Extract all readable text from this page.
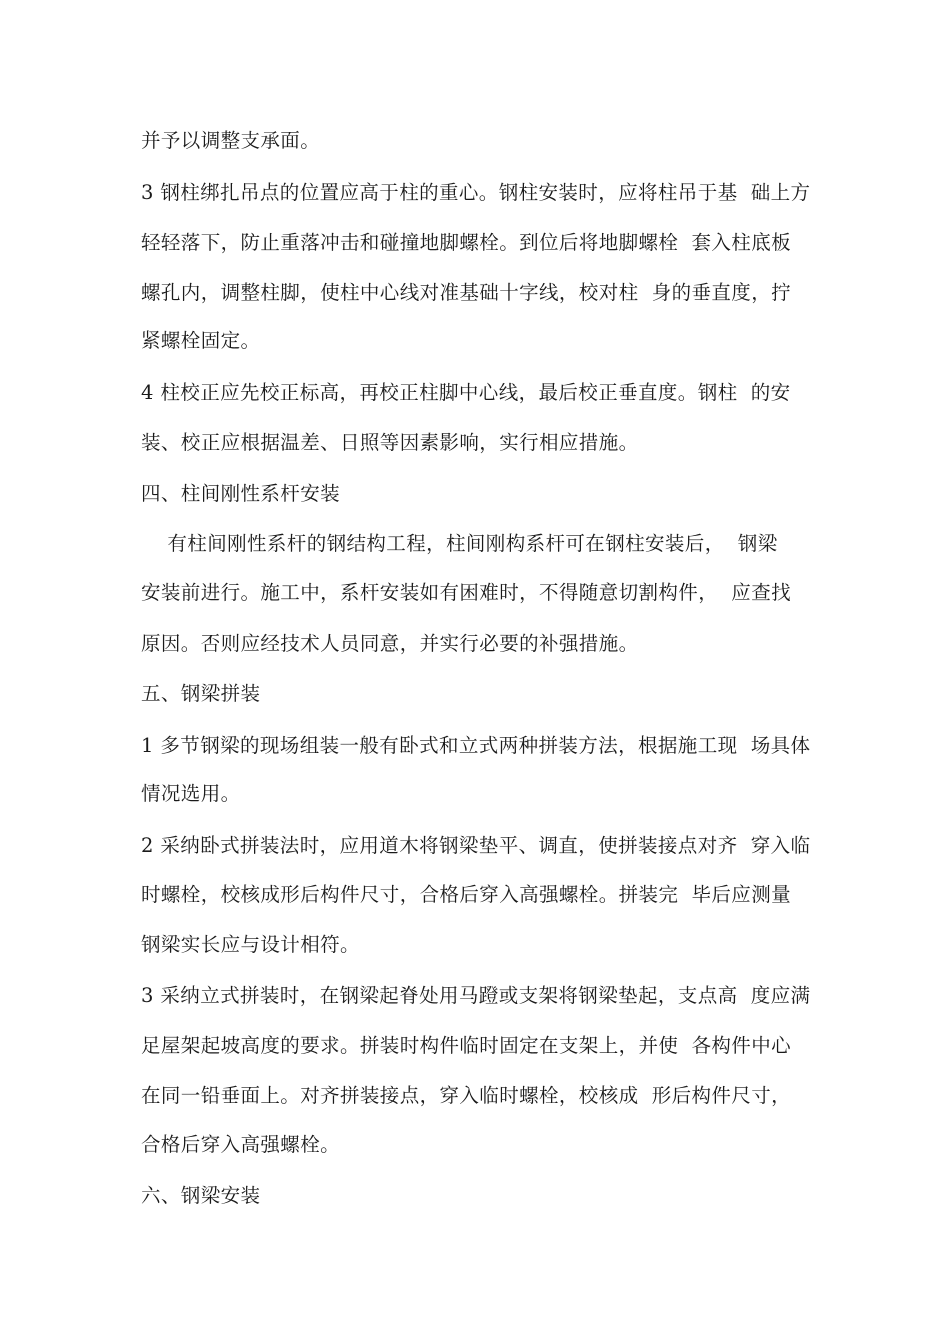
并予以调整支承面。
3 钢柱绑扎吊点的位置应高于柱的重心。钢柱安装时，应将柱吊于基  础上方
轻轻落下，防止重落冲击和碰撞地脚螺栓。到位后将地脚螺栓  套入柱底板
螺孔内，调整柱脚，使柱中心线对准基础十字线，校对柱  身的垂直度，拧
紧螺栓固定。
4 柱校正应先校正标高，再校正柱脚中心线，最后校正垂直度。钢柱  的安
装、校正应根据温差、日照等因素影响，实行相应措施。
四、柱间刚性系杆安装
有柱间刚性系杆的钢结构工程，柱间刚构系杆可在钢柱安装后，  钢梁
安装前进行。施工中，系杆安装如有困难时，不得随意切割构件，  应查找
原因。否则应经技术人员同意，并实行必要的补强措施。
五、钢梁拼装
1 多节钢梁的现场组装一般有卧式和立式两种拼装方法，根据施工现  场具体
情况选用。
2 采纳卧式拼装法时，应用道木将钢梁垫平、调直，使拼装接点对齐  穿入临
时螺栓，校核成形后构件尺寸，合格后穿入高强螺栓。拼装完  毕后应测量
钢梁实长应与设计相符。
3 采纳立式拼装时，在钢梁起脊处用马蹬或支架将钢梁垫起，支点高  度应满
足屋架起坡高度的要求。拼装时构件临时固定在支架上，并使  各构件中心
在同一铅垂面上。对齐拼装接点，穿入临时螺栓，校核成  形后构件尺寸，
合格后穿入高强螺栓。
六、钢梁安装
